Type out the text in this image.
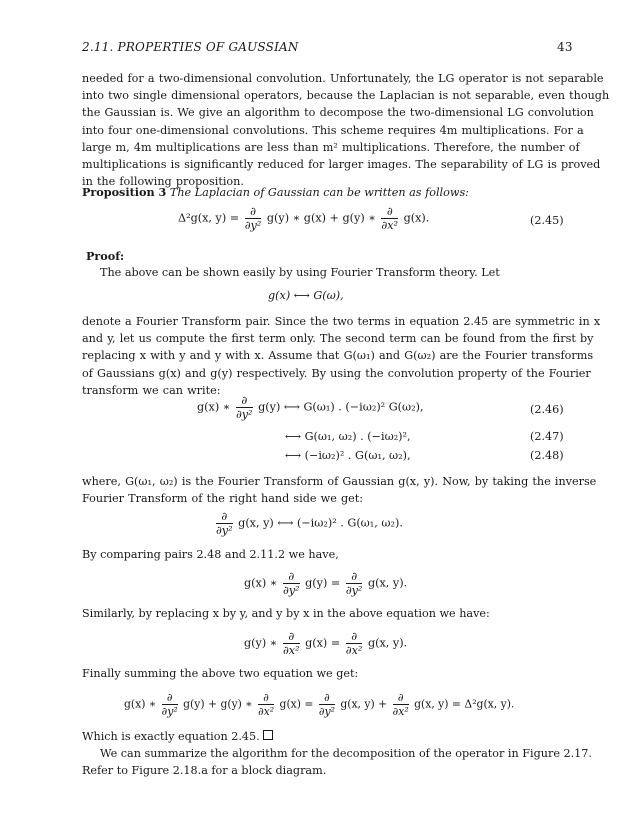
2.11. PROPERTIES OF GAUSSIAN	43
needed for a two-dimensional convolution. Unfortunately, the LG operator is not separable
into two single dimensional operators, because the Laplacian is not separable, even though
the Gaussian is. We give an algorithm to decompose the two-dimensional LG convolution
into four one-dimensional convolutions. This scheme requires 4m multiplications. For a
large m, 4m multiplications are less than m² multiplications. Therefore, the number of
multiplications is significantly reduced for larger images. The separability of LG is proved
in the following proposition.
Proposition 3 The Laplacian of Gaussian can be written as follows:
Δ²g(x, $y) = \frac{\partial}{\text{∂y²}} g(y)$ ∗ g(x) + g(y) ∗ $\frac{\partial}{\text{∂x²}} g(x)$.	(2.45)
Proof:
The above can be shown easily by using Fourier Transform theory. Let
g(x) ⟷ G(ω),
denote a Fourier Transform pair. Since the two terms in equation 2.45 are symmetric in x
and y, let us compute the first term only. The second term can be found from the first by
replacing x with y and y with x. Assume that G(ω₁) and G(ω₂) are the Fourier transforms
of Gaussians g(x) and g(y) respectively. By using the convolution property of the Fourier
transform we can write:
g(x) ∗ $\frac{\partial}{\text{∂y²}} g(y)$ ⟷ G(ω₁) . (−iω₂)² G(ω₂),	(2.46)
⟷ G(ω₁, ω₂) . (−iω₂)²,	(2.47)
⟷ (−iω₂)² . G(ω₁, ω₂),	(2.48)
where, G(ω₁, ω₂) is the Fourier Transform of Gaussian g(x, y). Now, by taking the inverse
Fourier Transform of the right hand side we get:
$\frac{\partial}{\text{∂y²}} g(x$, y) ⟷ (−iω₂)² . G(ω₁, ω₂).
By comparing pairs 2.48 and 2.11.2 we have,
g(x) ∗ $\frac{\partial}{\text{∂y²}} g(y) = \frac{\partial}{\text{∂y²}} g(x$, y).
Similarly, by replacing x by y, and y by x in the above equation we have:
g(y) ∗ $\frac{\partial}{\text{∂x²}} g(x) = \frac{\partial}{\text{∂x²}} g(x$, y).
Finally summing the above two equation we get:
g(x) ∗ $\frac{\partial}{\text{∂y²}} g(y) + g(y)$ ∗ $\frac{\partial}{\text{∂x²}} g(x) = \frac{\partial}{\text{∂y²}} g(x$, $y) + \frac{\partial}{\text{∂x²}} g(x$, y) = Δ²g(x, y).
Which is exactly equation 2.45.
We can summarize the algorithm for the decomposition of the operator in Figure 2.17.
Refer to Figure 2.18.a for a block diagram.
